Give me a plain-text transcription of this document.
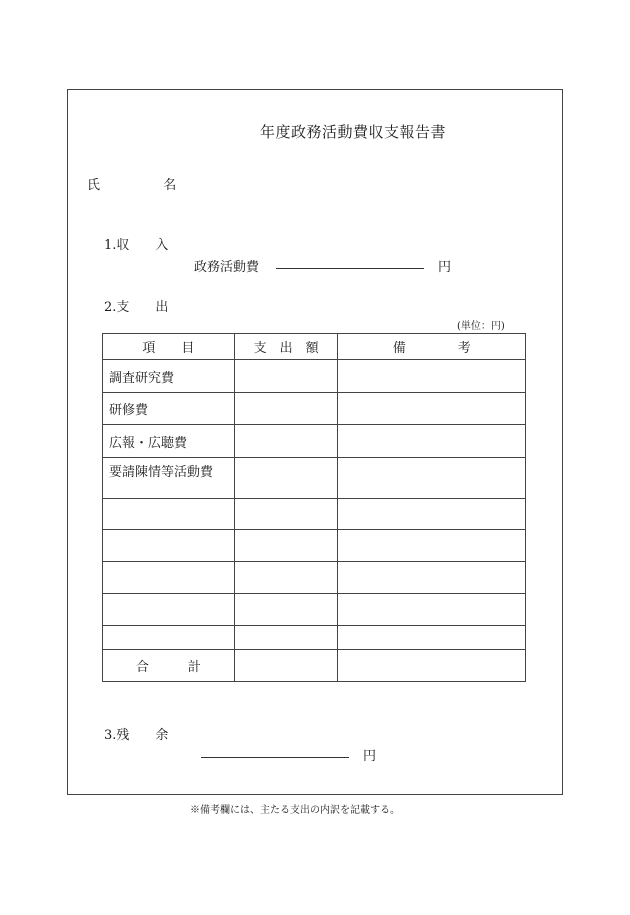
年度政務活動費収支報告書
氏	名
1.収　　入
政務活動費	円
2.支　　出
(単位：円)
項　　目	支　出　額	備　　　　考
調査研究費		
研修費		
広報・広聴費		
要請陳情等活動費		

合　　　計		
3.残　　余
円
※備考欄には、主たる支出の内訳を記載する。
